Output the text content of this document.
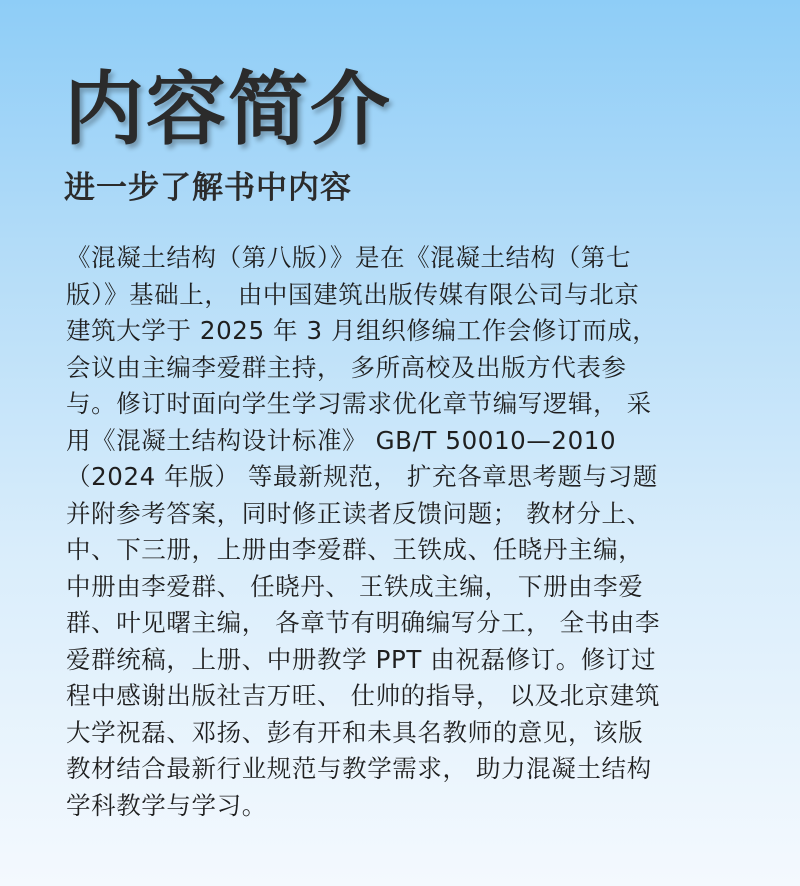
内容简介
进一步了解书中内容
《混凝土结构（第八版）》是在《混凝土结构（第七
版）》基础上， 由中国建筑出版传媒有限公司与北京
建筑大学于 2025 年 3 月组织修编工作会修订而成，
会议由主编李爱群主持， 多所高校及出版方代表参
与。修订时面向学生学习需求优化章节编写逻辑， 采
用《混凝土结构设计标准》 GB/T 50010—2010
（2024 年版） 等最新规范， 扩充各章思考题与习题
并附参考答案，同时修正读者反馈问题； 教材分上、
中、下三册，上册由李爱群、王铁成、任晓丹主编，
中册由李爱群、 任晓丹、 王铁成主编， 下册由李爱
群、叶见曙主编， 各章节有明确编写分工， 全书由李
爱群统稿，上册、中册教学 PPT 由祝磊修订。修订过
程中感谢出版社吉万旺、 仕帅的指导， 以及北京建筑
大学祝磊、邓扬、彭有开和未具名教师的意见，该版
教材结合最新行业规范与教学需求， 助力混凝土结构
学科教学与学习。
